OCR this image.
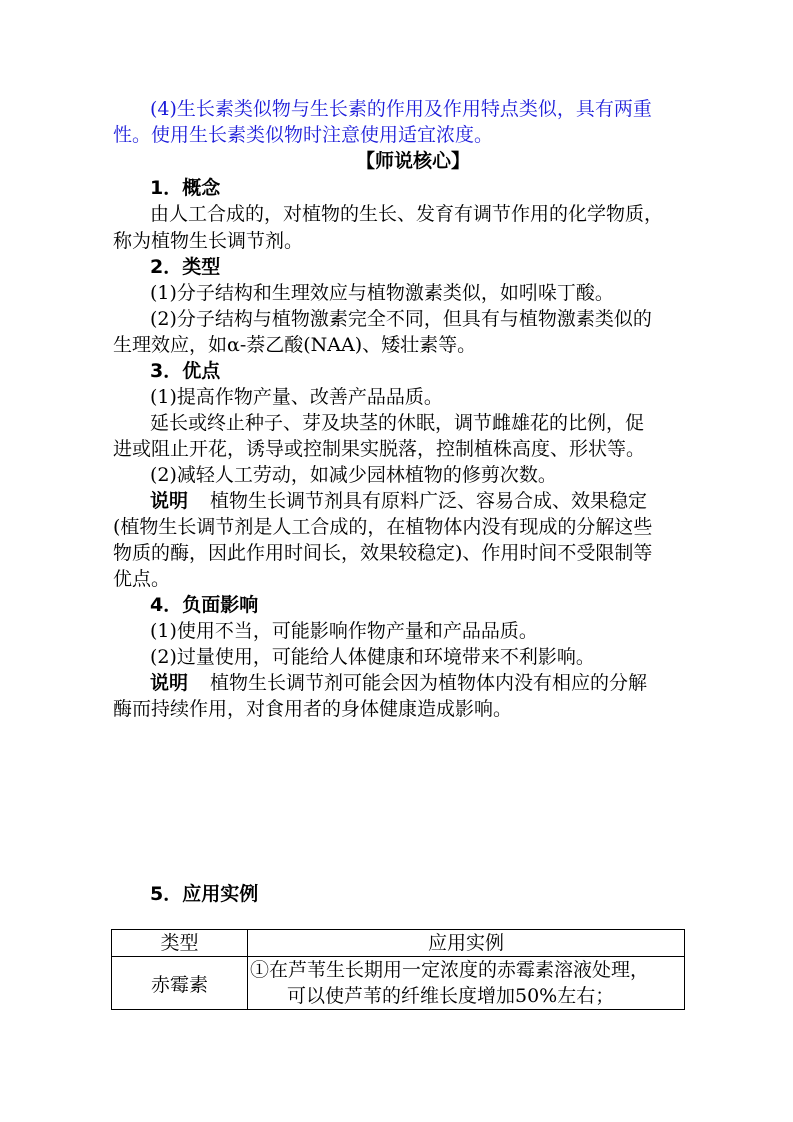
(4)生长素类似物与生长素的作用及作用特点类似，具有两重
性。使用生长素类似物时注意使用适宜浓度。
【师说核心】
1．概念
由人工合成的，对植物的生长、发育有调节作用的化学物质，
称为植物生长调节剂。
2．类型
(1)分子结构和生理效应与植物激素类似，如吲哚丁酸。
(2)分子结构与植物激素完全不同，但具有与植物激素类似的
生理效应，如α-萘乙酸(NAA)、矮壮素等。
3．优点
(1)提高作物产量、改善产品品质。
延长或终止种子、芽及块茎的休眠，调节雌雄花的比例，促
进或阻止开花，诱导或控制果实脱落，控制植株高度、形状等。
(2)减轻人工劳动，如减少园林植物的修剪次数。
说明 植物生长调节剂具有原料广泛、容易合成、效果稳定
(植物生长调节剂是人工合成的，在植物体内没有现成的分解这些
物质的酶，因此作用时间长，效果较稳定)、作用时间不受限制等
优点。
4．负面影响
(1)使用不当，可能影响作物产量和产品品质。
(2)过量使用，可能给人体健康和环境带来不利影响。
说明 植物生长调节剂可能会因为植物体内没有相应的分解
酶而持续作用，对食用者的身体健康造成影响。
5．应用实例
类型	应用实例
赤霉素	①在芦苇生长期用一定浓度的赤霉素溶液处理，
可以使芦苇的纤维长度增加50%左右；
